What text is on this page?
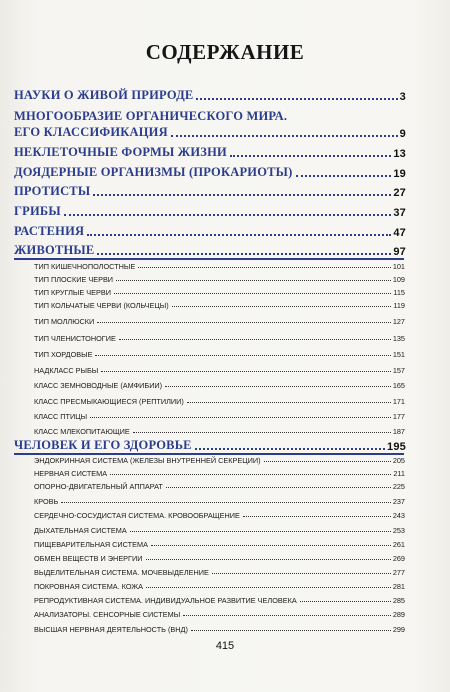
СОДЕРЖАНИЕ
НАУКИ О ЖИВОЙ ПРИРОДЕ	3
МНОГООБРАЗИЕ ОРГАНИЧЕСКОГО МИРА.
ЕГО КЛАССИФИКАЦИЯ	9
НЕКЛЕТОЧНЫЕ ФОРМЫ ЖИЗНИ	13
ДОЯДЕРНЫЕ ОРГАНИЗМЫ (ПРОКАРИОТЫ)	19
ПРОТИСТЫ	27
ГРИБЫ	37
РАСТЕНИЯ	47
ЖИВОТНЫЕ	97
ТИП КИШЕЧНОПОЛОСТНЫЕ	101
ТИП ПЛОСКИЕ ЧЕРВИ	109
ТИП КРУГЛЫЕ ЧЕРВИ	115
ТИП КОЛЬЧАТЫЕ ЧЕРВИ (КОЛЬЧЕЦЫ)	119
ТИП МОЛЛЮСКИ	127
ТИП ЧЛЕНИСТОНОГИЕ	135
ТИП ХОРДОВЫЕ	151
НАДКЛАСС РЫБЫ	157
КЛАСС ЗЕМНОВОДНЫЕ (АМФИБИИ)	165
КЛАСС ПРЕСМЫКАЮЩИЕСЯ (РЕПТИЛИИ)	171
КЛАСС ПТИЦЫ	177
КЛАСС МЛЕКОПИТАЮЩИЕ	187
ЧЕЛОВЕК И ЕГО ЗДОРОВЬЕ	195
ЭНДОКРИННАЯ СИСТЕМА (ЖЕЛЕЗЫ ВНУТРЕННЕЙ СЕКРЕЦИИ)	205
НЕРВНАЯ СИСТЕМА	211
ОПОРНО-ДВИГАТЕЛЬНЫЙ АППАРАТ	225
КРОВЬ	237
СЕРДЕЧНО-СОСУДИСТАЯ СИСТЕМА. КРОВООБРАЩЕНИЕ	243
ДЫХАТЕЛЬНАЯ СИСТЕМА	253
ПИЩЕВАРИТЕЛЬНАЯ СИСТЕМА	261
ОБМЕН ВЕЩЕСТВ И ЭНЕРГИИ	269
ВЫДЕЛИТЕЛЬНАЯ СИСТЕМА. МОЧЕВЫДЕЛЕНИЕ	277
ПОКРОВНАЯ СИСТЕМА. КОЖА	281
РЕПРОДУКТИВНАЯ СИСТЕМА. ИНДИВИДУАЛЬНОЕ РАЗВИТИЕ ЧЕЛОВЕКА	285
АНАЛИЗАТОРЫ. СЕНСОРНЫЕ СИСТЕМЫ	289
ВЫСШАЯ НЕРВНАЯ ДЕЯТЕЛЬНОСТЬ (ВНД)	299
415
